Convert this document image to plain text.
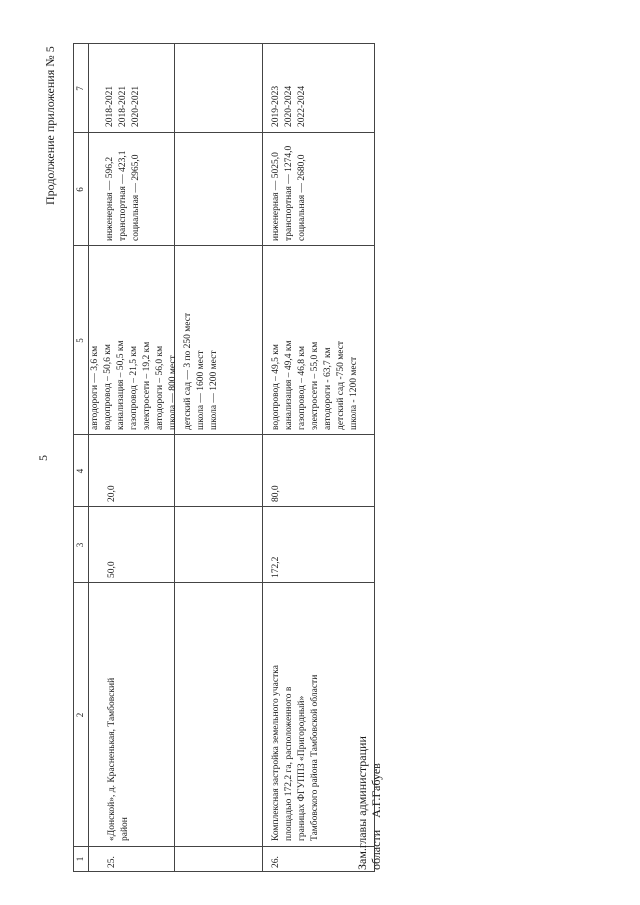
5
Продолжение приложения № 5
1
2
3
4
5
6
7
автодороги — 3,6 км
25.
«Донской», д. Красненькая, Тамбовский район
50,0
20,0
водопровод – 50,6 км канализация – 50,5 км газопровод – 21,5 км электросети – 19,2 км автодороги – 56,0 км школа — 800 мест
инженерная — 596,2 транспортная — 423,1 социальная — 2965,0
2018-2021 2018-2021 2020-2021
детский сад — 3 по 250 мест школа — 1600 мест школа — 1200 мест
26.
Комплексная застройка земельного участка площадью 172,2 га, расположенного в границах ФГУППЗ «Пригородный» Тамбовского района Тамбовской области
172,2
80,0
водопровод – 49,5 км канализация – 49,4 км газопровод – 46,8 км электросети – 55,0 км автодороги - 63,7 км детский сад -750 мест школа - 1200 мест
инженерная — 5025,0 транспортная — 1274,0 социальная — 2680,0
2019-2023 2020-2024 2022-2024
Зам.главы администрации области    А.Г.Габуев
